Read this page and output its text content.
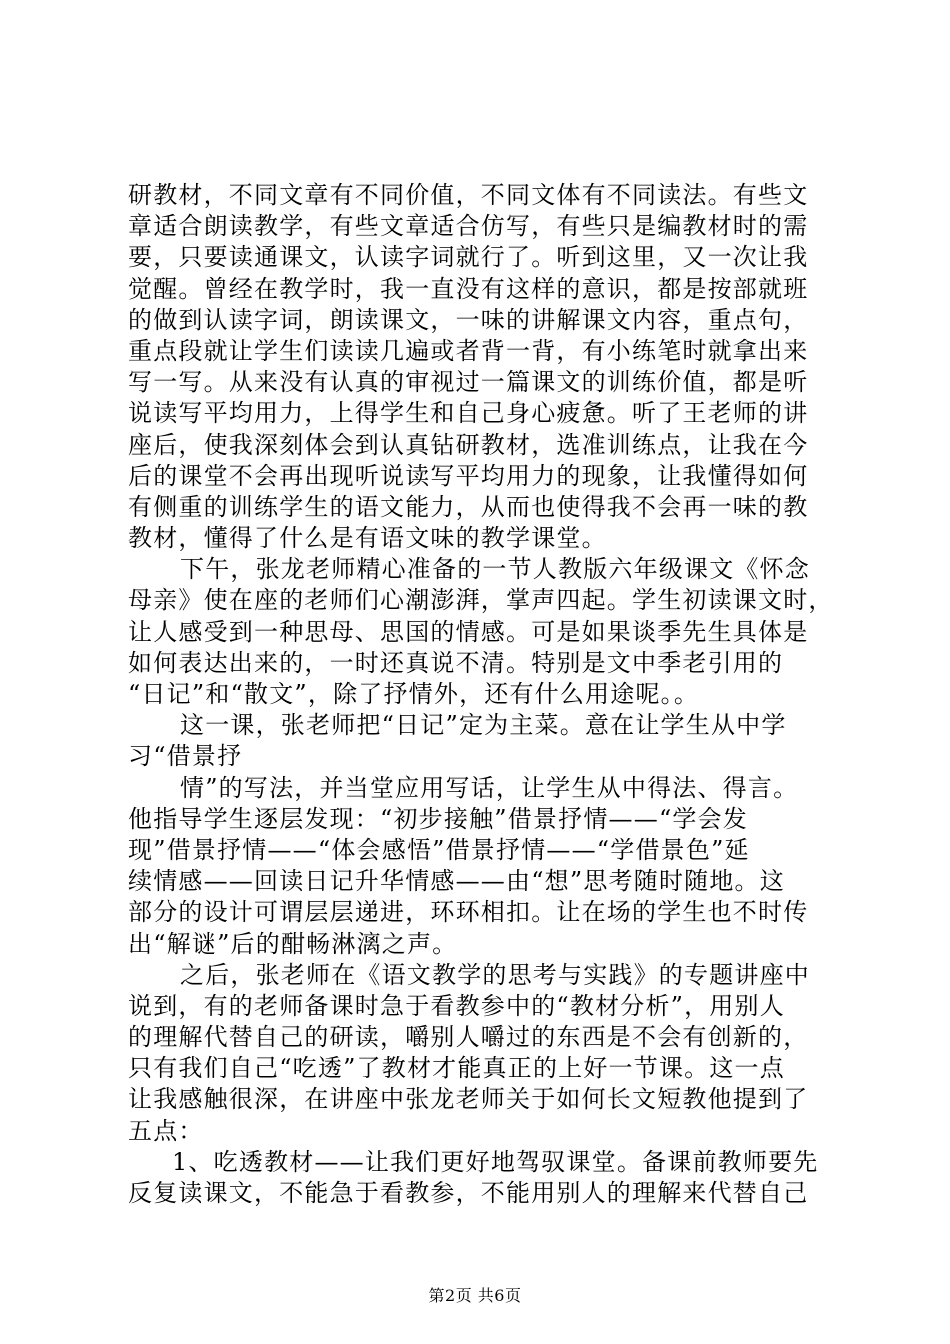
研教材，不同文章有不同价值，不同文体有不同读法。有些文
章适合朗读教学，有些文章适合仿写，有些只是编教材时的需
要，只要读通课文，认读字词就行了。听到这里，又一次让我
觉醒。曾经在教学时，我一直没有这样的意识，都是按部就班
的做到认读字词，朗读课文，一味的讲解课文内容，重点句，
重点段就让学生们读读几遍或者背一背，有小练笔时就拿出来
写一写。从来没有认真的审视过一篇课文的训练价值，都是听
说读写平均用力，上得学生和自己身心疲惫。听了王老师的讲
座后，使我深刻体会到认真钻研教材，选准训练点，让我在今
后的课堂不会再出现听说读写平均用力的现象，让我懂得如何
有侧重的训练学生的语文能力，从而也使得我不会再一味的教
教材，懂得了什么是有语文味的教学课堂。
下午，张龙老师精心准备的一节人教版六年级课文《怀念
母亲》使在座的老师们心潮澎湃，掌声四起。学生初读课文时，
让人感受到一种思母、思国的情感。可是如果谈季先生具体是
如何表达出来的，一时还真说不清。特别是文中季老引用的
“日记”和“散文”，除了抒情外，还有什么用途呢。。
这一课，张老师把“日记”定为主菜。意在让学生从中学
习“借景抒
情”的写法，并当堂应用写话，让学生从中得法、得言。
他指导学生逐层发现：“初步接触”借景抒情——“学会发
现”借景抒情——“体会感悟”借景抒情——“学借景色”延
续情感——回读日记升华情感——由“想”思考随时随地。这
部分的设计可谓层层递进，环环相扣。让在场的学生也不时传
出“解谜”后的酣畅淋漓之声。
之后，张老师在《语文教学的思考与实践》的专题讲座中
说到，有的老师备课时急于看教参中的“教材分析”，用别人
的理解代替自己的研读，嚼别人嚼过的东西是不会有创新的，
只有我们自己“吃透”了教材才能真正的上好一节课。这一点
让我感触很深，在讲座中张龙老师关于如何长文短教他提到了
五点：
1、吃透教材——让我们更好地驾驭课堂。备课前教师要先
反复读课文，不能急于看教参，不能用别人的理解来代替自己
第2页 共6页
